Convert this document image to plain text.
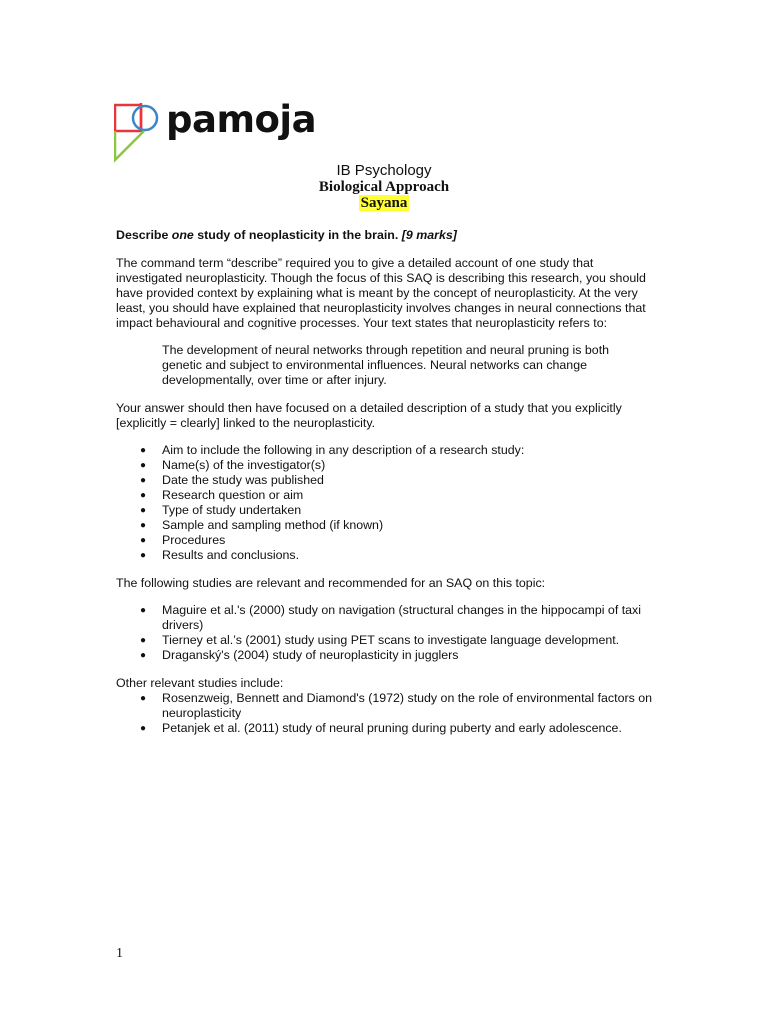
pamoja
IB Psychology
Biological Approach
Sayana

Describe one study of neoplasticity in the brain. [9 marks]

The command term “describe” required you to give a detailed account of one study that investigated neuroplasticity. Though the focus of this SAQ is describing this research, you should have provided context by explaining what is meant by the concept of neuroplasticity. At the very least, you should have explained that neuroplasticity involves changes in neural connections that impact behavioural and cognitive processes. Your text states that neuroplasticity refers to:

The development of neural networks through repetition and neural pruning is both genetic and subject to environmental influences. Neural networks can change developmentally, over time or after injury.

Your answer should then have focused on a detailed description of a study that you explicitly [explicitly = clearly] linked to the neuroplasticity.

● Aim to include the following in any description of a research study:
● Name(s) of the investigator(s)
● Date the study was published
● Research question or aim
● Type of study undertaken
● Sample and sampling method (if known)
● Procedures
● Results and conclusions.

The following studies are relevant and recommended for an SAQ on this topic:

● Maguire et al.'s (2000) study on navigation (structural changes in the hippocampi of taxi drivers)
● Tierney et al.’s (2001) study using PET scans to investigate language development.
● Draganský's (2004) study of neuroplasticity in jugglers

Other relevant studies include:

● Rosenzweig, Bennett and Diamond's (1972) study on the role of environmental factors on neuroplasticity
● Petanjek et al. (2011) study of neural pruning during puberty and early adolescence.
1
